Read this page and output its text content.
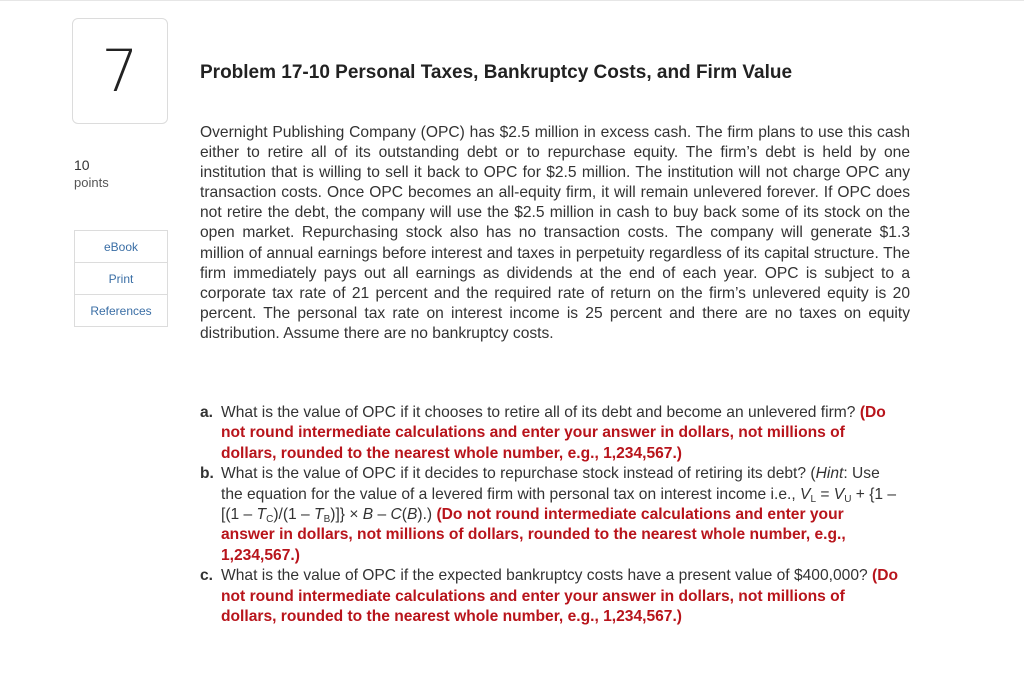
7
10
points
eBook
Print
References
Problem 17-10 Personal Taxes, Bankruptcy Costs, and Firm Value

Overnight Publishing Company (OPC) has $2.5 million in excess cash. The firm plans to use this cash either to retire all of its outstanding debt or to repurchase equity. The firm’s debt is held by one institution that is willing to sell it back to OPC for $2.5 million. The institution will not charge OPC any transaction costs. Once OPC becomes an all-equity firm, it will remain unlevered forever. If OPC does not retire the debt, the company will use the $2.5 million in cash to buy back some of its stock on the open market. Repurchasing stock also has no transaction costs. The company will generate $1.3 million of annual earnings before interest and taxes in perpetuity regardless of its capital structure. The firm immediately pays out all earnings as dividends at the end of each year. OPC is subject to a corporate tax rate of 21 percent and the required rate of return on the firm’s unlevered equity is 20 percent. The personal tax rate on interest income is 25 percent and there are no taxes on equity distribution. Assume there are no bankruptcy costs.

a. What is the value of OPC if it chooses to retire all of its debt and become an unlevered firm? (Do not round intermediate calculations and enter your answer in dollars, not millions of dollars, rounded to the nearest whole number, e.g., 1,234,567.)
b. What is the value of OPC if it decides to repurchase stock instead of retiring its debt? (Hint: Use the equation for the value of a levered firm with personal tax on interest income i.e., $V_L = V_U + \{1 - [(1 - T_C)/(1 - T_B)]\} \times B - C(B)$.) (Do not round intermediate calculations and enter your answer in dollars, not millions of dollars, rounded to the nearest whole number, e.g., 1,234,567.)
c. What is the value of OPC if the expected bankruptcy costs have a present value of $400,000? (Do not round intermediate calculations and enter your answer in dollars, not millions of dollars, rounded to the nearest whole number, e.g., 1,234,567.)
